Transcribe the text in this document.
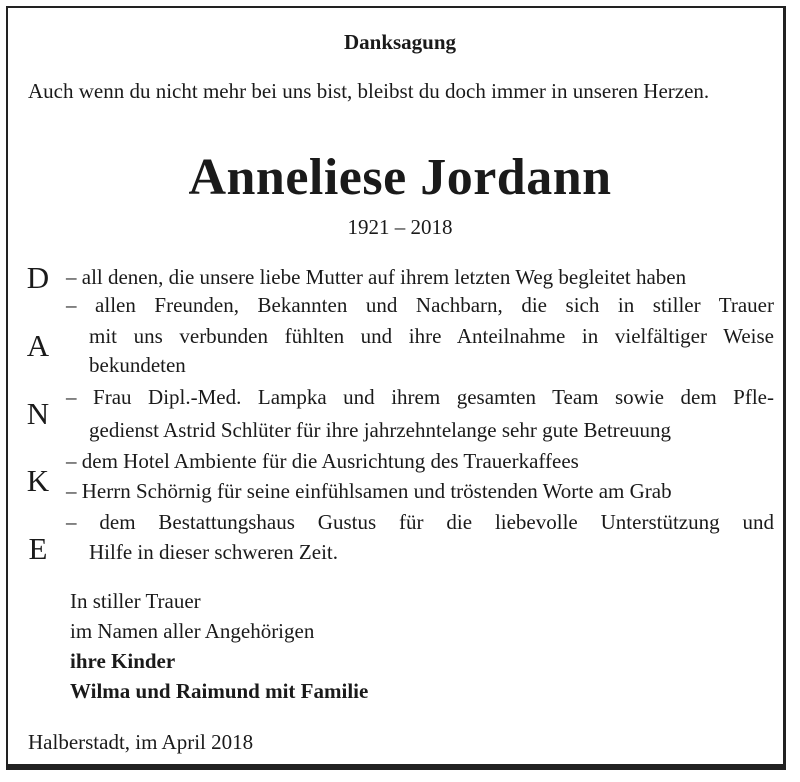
Danksagung
Auch wenn du nicht mehr bei uns bist, bleibst du doch immer in unseren Herzen.
Anneliese Jordann
1921 – 2018
D
A
N
K
E
– all denen, die unsere liebe Mutter auf ihrem letzten Weg begleitet haben
– allen Freunden, Bekannten und Nachbarn, die sich in stiller Trauer
mit uns verbunden fühlten und ihre Anteilnahme in vielfältiger Weise
bekundeten
– Frau Dipl.-Med. Lampka und ihrem gesamten Team sowie dem Pfle-
gedienst Astrid Schlüter für ihre jahrzehntelange sehr gute Betreuung
– dem Hotel Ambiente für die Ausrichtung des Trauerkaffees
– Herrn Schörnig für seine einfühlsamen und tröstenden Worte am Grab
– dem Bestattungshaus Gustus für die liebevolle Unterstützung und
Hilfe in dieser schweren Zeit.
In stiller Trauer
im Namen aller Angehörigen
ihre Kinder
Wilma und Raimund mit Familie
Halberstadt, im April 2018
